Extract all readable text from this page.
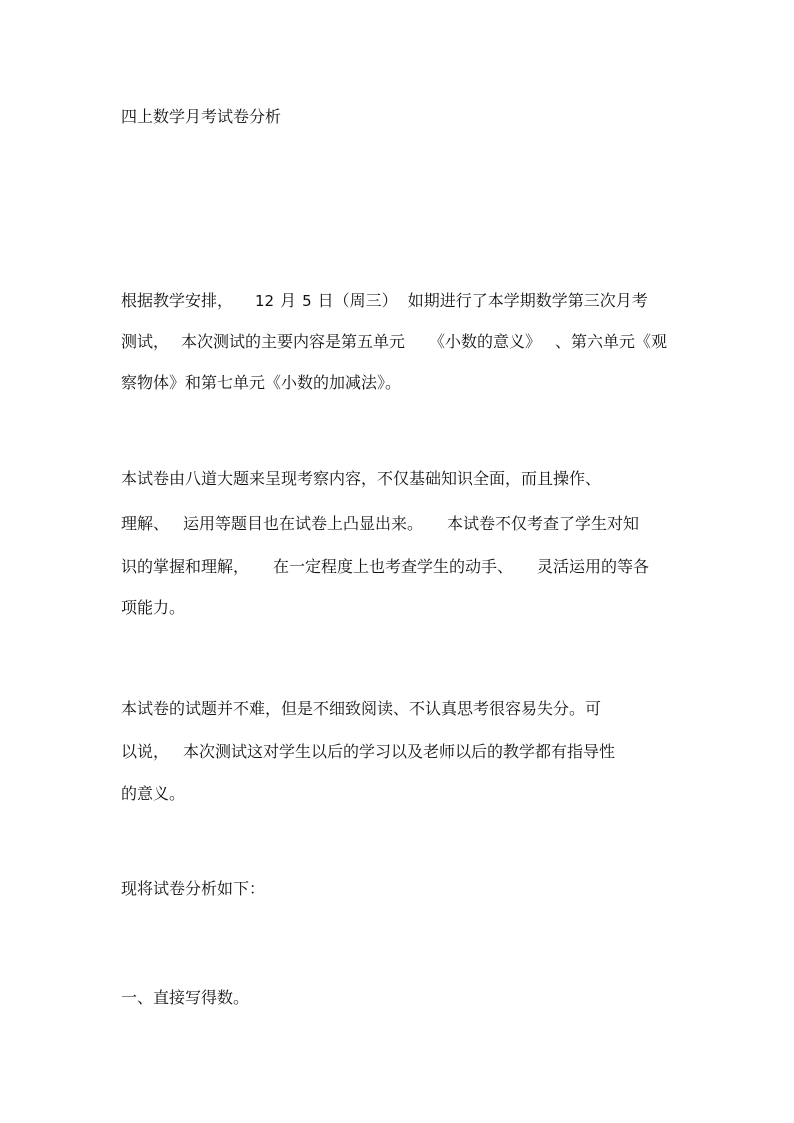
四上数学月考试卷分析
根据教学安排， 12 月 5 日（周三） 如期进行了本学期数学第三次月考
测试， 本次测试的主要内容是第五单元 《小数的意义》 、第六单元《观
察物体》和第七单元《小数的加减法》。
本试卷由八道大题来呈现考察内容，不仅基础知识全面，而且操作、
理解、 运用等题目也在试卷上凸显出来。 本试卷不仅考查了学生对知
识的掌握和理解， 在一定程度上也考查学生的动手、 灵活运用的等各
项能力。
本试卷的试题并不难，但是不细致阅读、不认真思考很容易失分。可
以说， 本次测试这对学生以后的学习以及老师以后的教学都有指导性
的意义。
现将试卷分析如下：
一、直接写得数。
